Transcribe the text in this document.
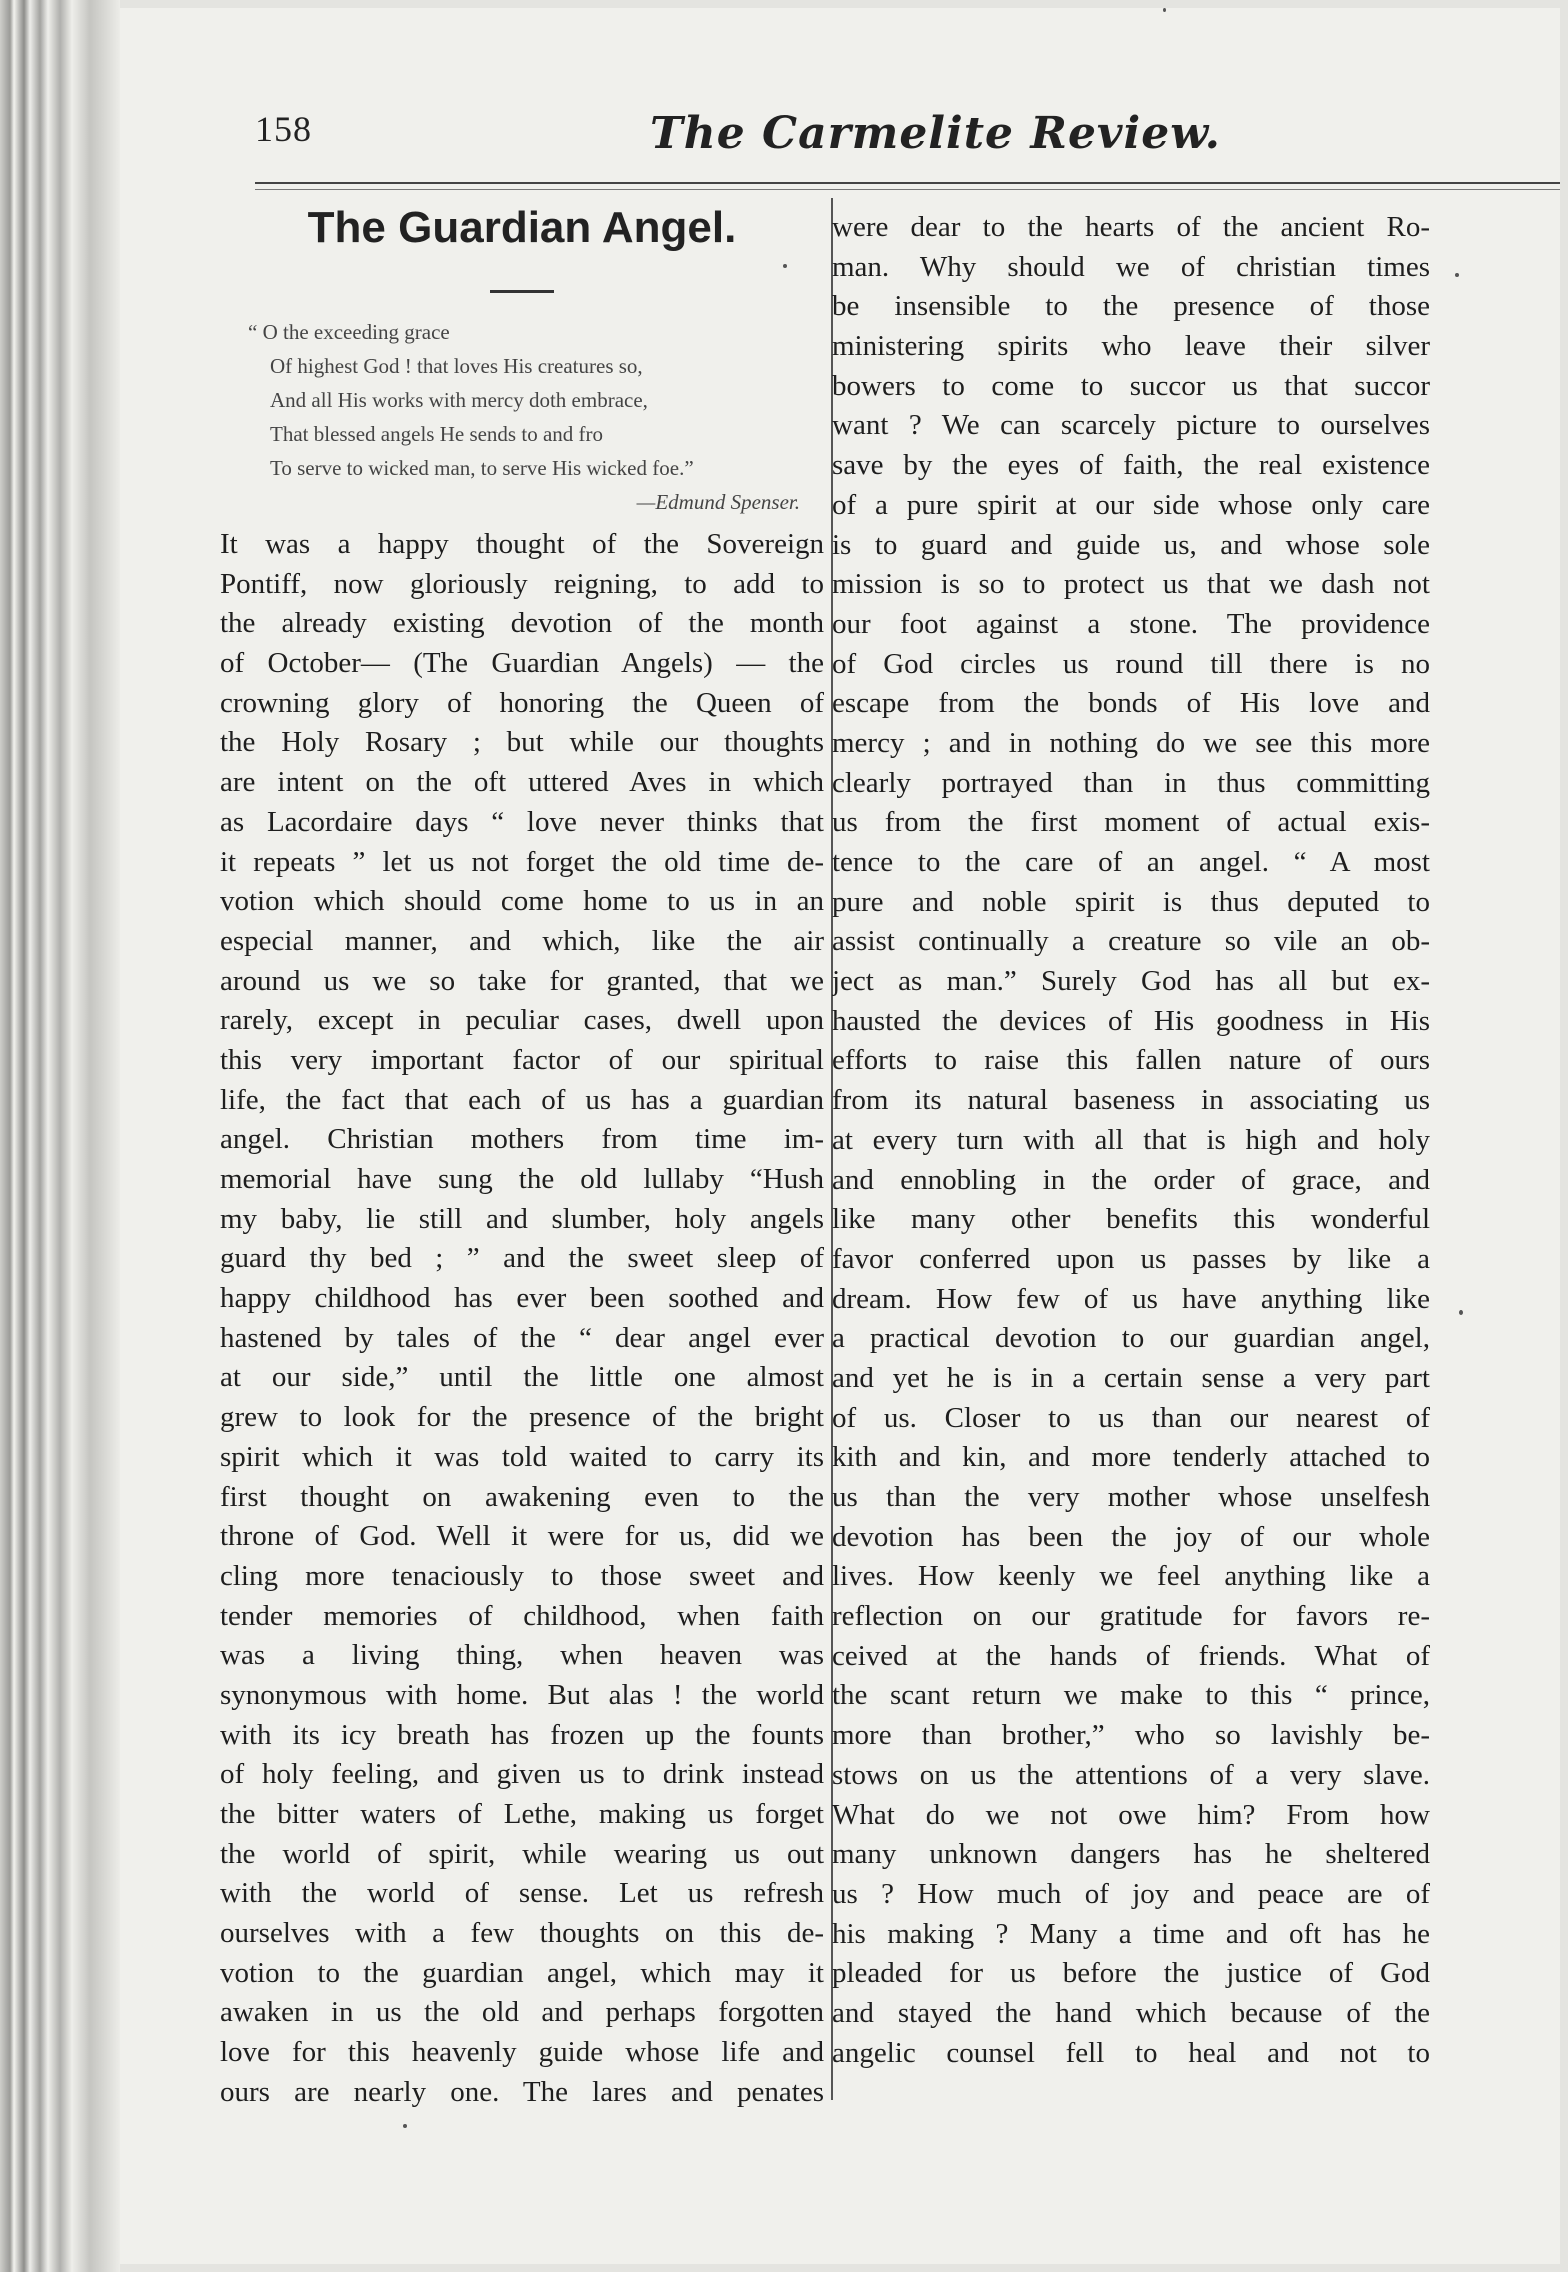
158	The Carmelite Review.
The Guardian Angel.
“ O the exceeding grace
Of highest God ! that loves His creatures so,
And all His works with mercy doth embrace,
That blessed angels He sends to and fro
To serve to wicked man, to serve His wicked foe.”
—Edmund Spenser.
It was a happy thought of the Sovereign
Pontiff, now gloriously reigning, to add to
the already existing devotion of the month
of October— (The Guardian Angels) — the
crowning glory of honoring the Queen of
the Holy Rosary ; but while our thoughts
are intent on the oft uttered Aves in which
as Lacordaire days “ love never thinks that
it repeats ” let us not forget the old time de-
votion which should come home to us in an
especial manner, and which, like the air
around us we so take for granted, that we
rarely, except in peculiar cases, dwell upon
this very important factor of our spiritual
life, the fact that each of us has a guardian
angel. Christian mothers from time im-
memorial have sung the old lullaby “Hush
my baby, lie still and slumber, holy angels
guard thy bed ; ” and the sweet sleep of
happy childhood has ever been soothed and
hastened by tales of the “ dear angel ever
at our side,” until the little one almost
grew to look for the presence of the bright
spirit which it was told waited to carry its
first thought on awakening even to the
throne of God. Well it were for us, did we
cling more tenaciously to those sweet and
tender memories of childhood, when faith
was a living thing, when heaven was
synonymous with home. But alas ! the world
with its icy breath has frozen up the founts
of holy feeling, and given us to drink instead
the bitter waters of Lethe, making us forget
the world of spirit, while wearing us out
with the world of sense. Let us refresh
ourselves with a few thoughts on this de-
votion to the guardian angel, which may it
awaken in us the old and perhaps forgotten
love for this heavenly guide whose life and
ours are nearly one. The lares and penates
were dear to the hearts of the ancient Ro-
man. Why should we of christian times
be insensible to the presence of those
ministering spirits who leave their silver
bowers to come to succor us that succor
want ? We can scarcely picture to ourselves
save by the eyes of faith, the real existence
of a pure spirit at our side whose only care
is to guard and guide us, and whose sole
mission is so to protect us that we dash not
our foot against a stone. The providence
of God circles us round till there is no
escape from the bonds of His love and
mercy ; and in nothing do we see this more
clearly portrayed than in thus committing
us from the first moment of actual exis-
tence to the care of an angel. “ A most
pure and noble spirit is thus deputed to
assist continually a creature so vile an ob-
ject as man.” Surely God has all but ex-
hausted the devices of His goodness in His
efforts to raise this fallen nature of ours
from its natural baseness in associating us
at every turn with all that is high and holy
and ennobling in the order of grace, and
like many other benefits this wonderful
favor conferred upon us passes by like a
dream. How few of us have anything like
a practical devotion to our guardian angel,
and yet he is in a certain sense a very part
of us. Closer to us than our nearest of
kith and kin, and more tenderly attached to
us than the very mother whose unselfesh
devotion has been the joy of our whole
lives. How keenly we feel anything like a
reflection on our gratitude for favors re-
ceived at the hands of friends. What of
the scant return we make to this “ prince,
more than brother,” who so lavishly be-
stows on us the attentions of a very slave.
What do we not owe him? From how
many unknown dangers has he sheltered
us ? How much of joy and peace are of
his making ? Many a time and oft has he
pleaded for us before the justice of God
and stayed the hand which because of the
angelic counsel fell to heal and not to
